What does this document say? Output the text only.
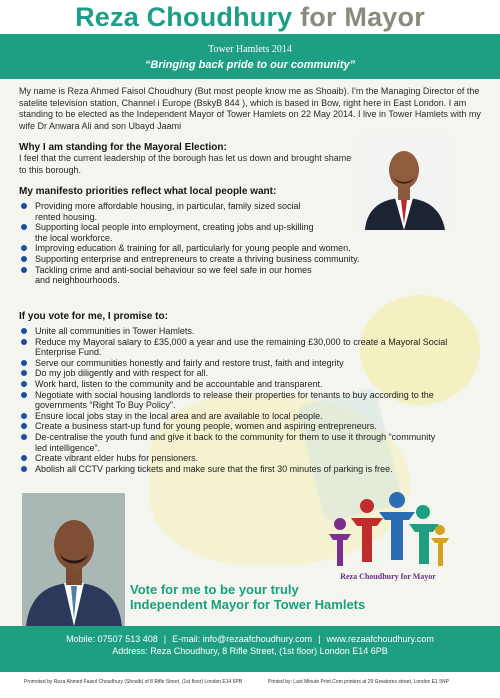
Reza Choudhury for Mayor
Tower Hamlets 2014
“Bringing back pride to our community”
My name is Reza Ahmed Faisol Choudhury (But most people know me as Shoaib). I'm the Managing Director of the satelite television station, Channel i Europe (BskyB 844 ), which is based in Bow, right here in East London. I am standing to be elected as the Independent Mayor of Tower Hamlets on 22 May 2014. I live in Tower Hamlets with my wife Dr Anwara Ali and son Ubayd Jaami
Why I am standing for the Mayoral Election:
I feel that the current leadership of the borough has let us down and brought shame to this borough.
My manifesto priorities reflect what local people want:
Providing more affordable housing, in particular, family sized social rented housing.
Supporting local people into employment, creating jobs and up-skilling the local workforce.
Improving education & training for all, particularly for young people and women.
Supporting enterprise and entrepreneurs to create a thriving business community.
Tackling crime and anti-social behaviour so we feel safe in our homes and neighbourhoods.
If you vote for me, I promise to:
Unite all communities in Tower Hamlets.
Reduce my Mayoral salary to £35,000 a year and use the remaining £30,000 to create a Mayoral Social Enterprise Fund.
Serve our communities honestly and fairly and restore trust, faith and integrity
Do my job diligently and with respect for all.
Work hard, listen to the community and be accountable and transparent.
Negotiate with social housing landlords to release their properties for tenants to buy according to the governments “Right To Buy Policy”.
Ensure local jobs stay in the local area and are available to local people.
Create a business start-up fund for young people, women and aspiring entrepreneurs.
De-centralise the youth fund and give it back to the community for them to use it through “community led intelligence”.
Create vibrant elder hubs for pensioners.
Abolish all CCTV parking tickets and make sure that the first 30 minutes of parking is free.
Reza Choudhury for Mayor
Vote for me to be your truly
Independent Mayor for Tower Hamlets
Mobile: 07507 513 408 | E-mail: info@rezaafchoudhury.com | www.rezaafchoudhury.com
Address: Reza Choudhury, 8 Rifle Street, (1st floor) London E14 6PB
Promoted by Reza Ahmed Faisol Choudhury (Shoaib) of 8 Rifle Street, (1st floor) London E14 6PB	Printed by: Last Minute Print.Com printers at 29 Greatorex street, London E1 5NP
